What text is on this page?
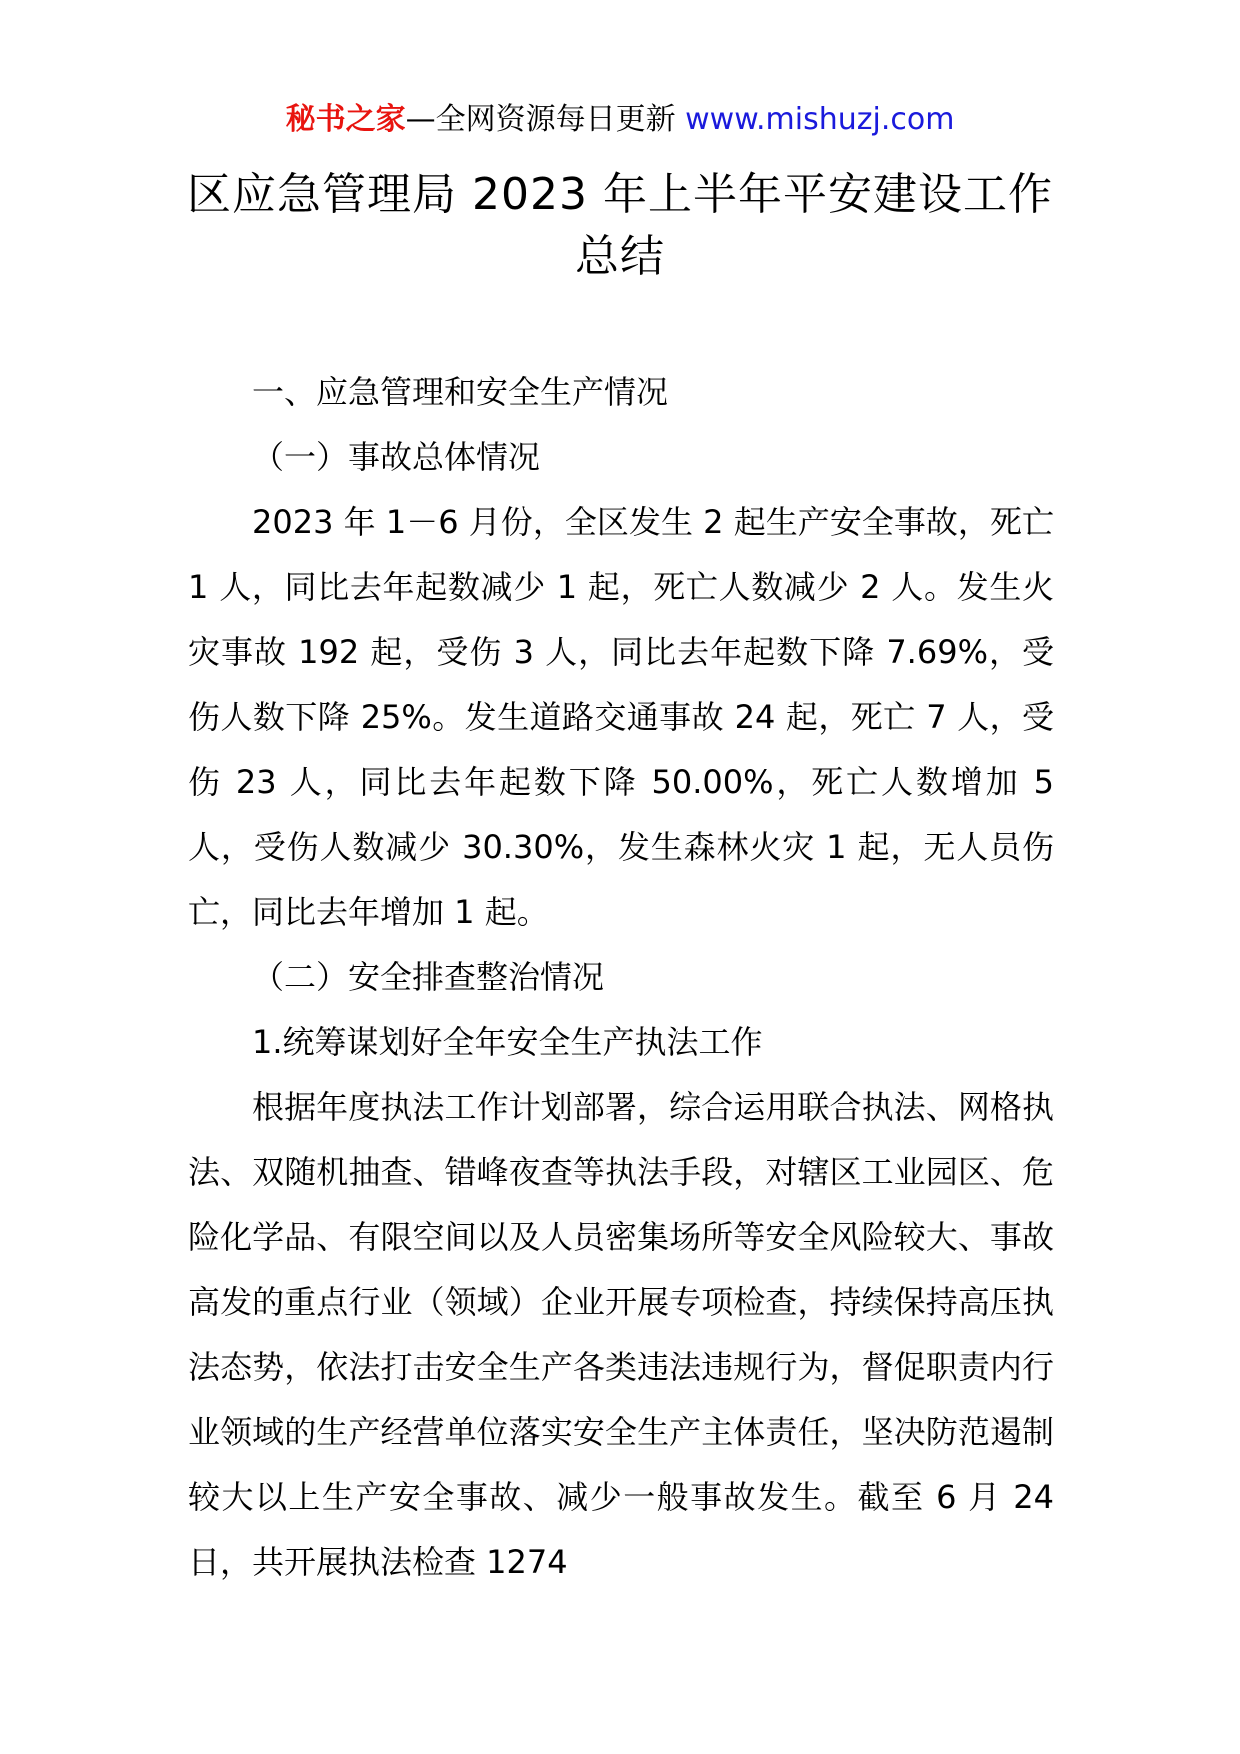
秘书之家—全网资源每日更新 www.mishuzj.com
区应急管理局 2023 年上半年平安建设工作
总结

一、应急管理和安全生产情况

（一）事故总体情况

2023 年 1－6 月份，全区发生 2 起生产安全事故，死亡 1 人，同比去年起数减少 1 起，死亡人数减少 2 人。发生火灾事故 192 起，受伤 3 人，同比去年起数下降 7.69%，受伤人数下降 25%。发生道路交通事故 24 起，死亡 7 人，受伤 23 人，同比去年起数下降 50.00%，死亡人数增加 5 人，受伤人数减少 30.30%，发生森林火灾 1 起，无人员伤亡，同比去年增加 1 起。

（二）安全排查整治情况

1.统筹谋划好全年安全生产执法工作

根据年度执法工作计划部署，综合运用联合执法、网格执法、双随机抽查、错峰夜查等执法手段，对辖区工业园区、危险化学品、有限空间以及人员密集场所等安全风险较大、事故高发的重点行业（领域）企业开展专项检查，持续保持高压执法态势，依法打击安全生产各类违法违规行为，督促职责内行业领域的生产经营单位落实安全生产主体责任，坚决防范遏制较大以上生产安全事故、减少一般事故发生。截至 6 月 24 日，共开展执法检查 1274
